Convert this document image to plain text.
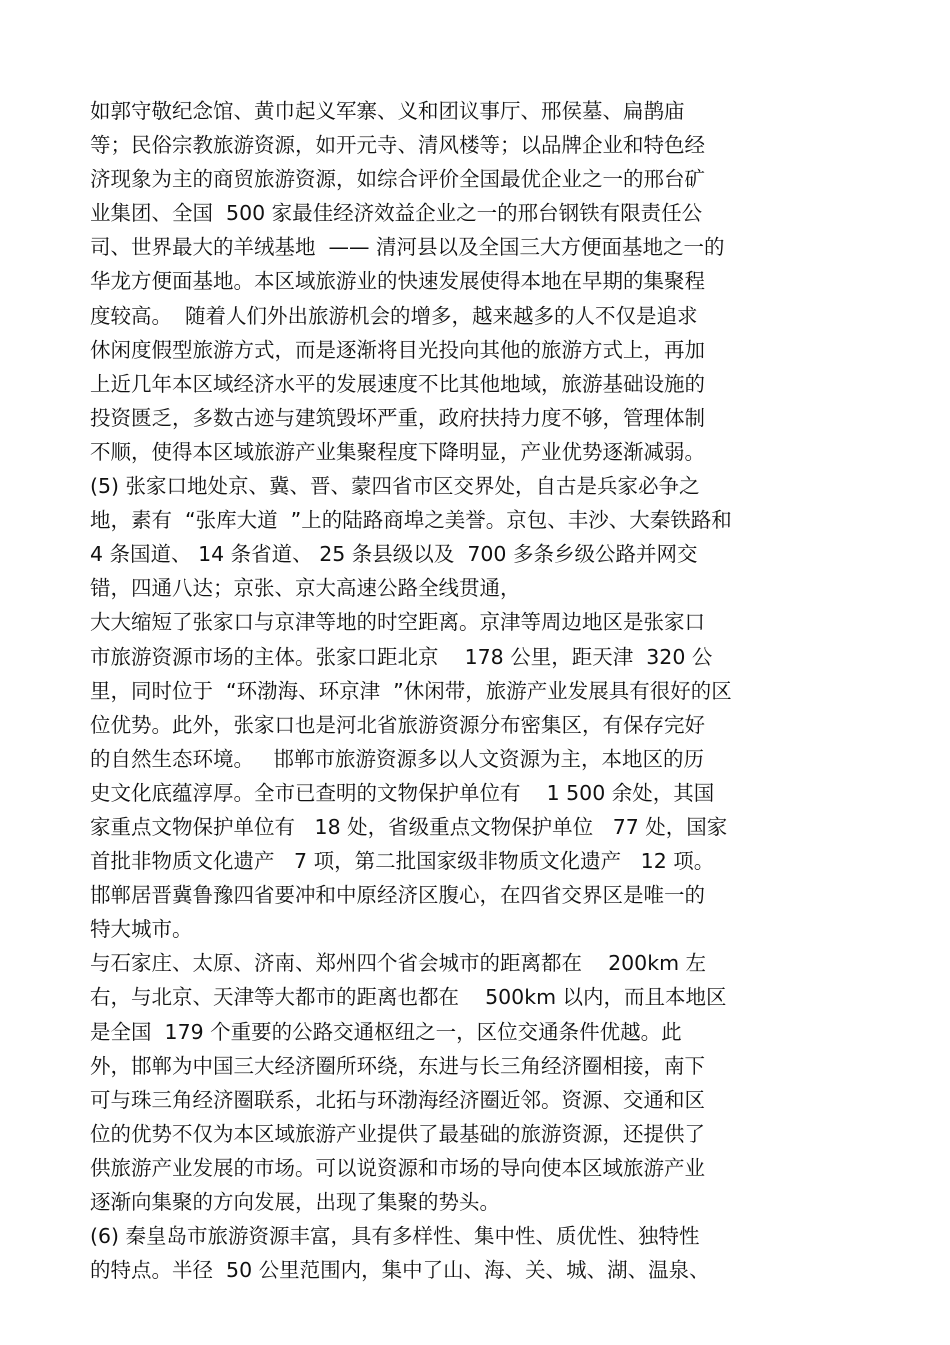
如郭守敬纪念馆、黄巾起义军寨、义和团议事厅、邢侯墓、扁鹊庙
等；民俗宗教旅游资源，如开元寺、清风楼等；以品牌企业和特色经
济现象为主的商贸旅游资源，如综合评价全国最优企业之一的邢台矿
业集团、全国  500 家最佳经济效益企业之一的邢台钢铁有限责任公
司、世界最大的羊绒基地  —— 清河县以及全国三大方便面基地之一的
华龙方便面基地。本区域旅游业的快速发展使得本地在早期的集聚程
度较高。  随着人们外出旅游机会的增多，越来越多的人不仅是追求
休闲度假型旅游方式，而是逐渐将目光投向其他的旅游方式上，再加
上近几年本区域经济水平的发展速度不比其他地域，旅游基础设施的
投资匮乏，多数古迹与建筑毁坏严重，政府扶持力度不够，管理体制
不顺，使得本区域旅游产业集聚程度下降明显，产业优势逐渐减弱。
(5) 张家口地处京、冀、晋、蒙四省市区交界处，自古是兵家必争之
地，素有  “张库大道  ”上的陆路商埠之美誉。京包、丰沙、大秦铁路和
4 条国道、 14 条省道、 25 条县级以及  700 多条乡级公路并网交
错，四通八达；京张、京大高速公路全线贯通，
大大缩短了张家口与京津等地的时空距离。京津等周边地区是张家口
市旅游资源市场的主体。张家口距北京    178 公里，距天津  320 公
里，同时位于  “环渤海、环京津  ”休闲带，旅游产业发展具有很好的区
位优势。此外，张家口也是河北省旅游资源分布密集区，有保存完好
的自然生态环境。   邯郸市旅游资源多以人文资源为主，本地区的历
史文化底蕴淳厚。全市已查明的文物保护单位有    1 500 余处，其国
家重点文物保护单位有   18 处，省级重点文物保护单位   77 处，国家
首批非物质文化遗产   7 项，第二批国家级非物质文化遗产   12 项。
邯郸居晋冀鲁豫四省要冲和中原经济区腹心，在四省交界区是唯一的
特大城市。
与石家庄、太原、济南、郑州四个省会城市的距离都在    200km 左
右，与北京、天津等大都市的距离也都在    500km 以内，而且本地区
是全国  179 个重要的公路交通枢纽之一，区位交通条件优越。此
外，邯郸为中国三大经济圈所环绕，东进与长三角经济圈相接，南下
可与珠三角经济圈联系，北拓与环渤海经济圈近邻。资源、交通和区
位的优势不仅为本区域旅游产业提供了最基础的旅游资源，还提供了
供旅游产业发展的市场。可以说资源和市场的导向使本区域旅游产业
逐渐向集聚的方向发展，出现了集聚的势头。
(6) 秦皇岛市旅游资源丰富，具有多样性、集中性、质优性、独特性
的特点。半径  50 公里范围内，集中了山、海、关、城、湖、温泉、
